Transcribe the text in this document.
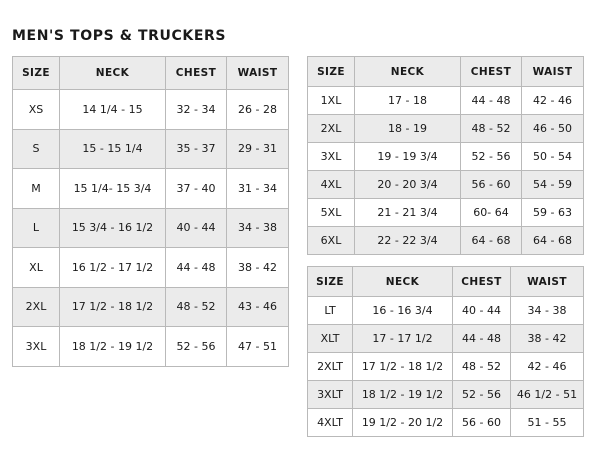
MEN'S TOPS & TRUCKERS
SIZE	NECK	CHEST	WAIST
XS	14 1/4 - 15	32 - 34	26 - 28
S	15 - 15 1/4	35 - 37	29 - 31
M	15 1/4- 15 3/4	37 - 40	31 - 34
L	15 3/4 - 16 1/2	40 - 44	34 - 38
XL	16 1/2 - 17 1/2	44 - 48	38 - 42
2XL	17 1/2 - 18 1/2	48 - 52	43 - 46
3XL	18 1/2 - 19 1/2	52 - 56	47 - 51
SIZE	NECK	CHEST	WAIST
1XL	17 - 18	44 - 48	42 - 46
2XL	18 - 19	48 - 52	46 - 50
3XL	19 - 19 3/4	52 - 56	50 - 54
4XL	20 - 20 3/4	56 - 60	54 - 59
5XL	21 - 21 3/4	60- 64	59 - 63
6XL	22 - 22 3/4	64 - 68	64 - 68
SIZE	NECK	CHEST	WAIST
LT	16 - 16 3/4	40 - 44	34 - 38
XLT	17 - 17 1/2	44 - 48	38 - 42
2XLT	17 1/2 - 18 1/2	48 - 52	42 - 46
3XLT	18 1/2 - 19 1/2	52 - 56	46 1/2 - 51
4XLT	19 1/2 - 20 1/2	56 - 60	51 - 55
